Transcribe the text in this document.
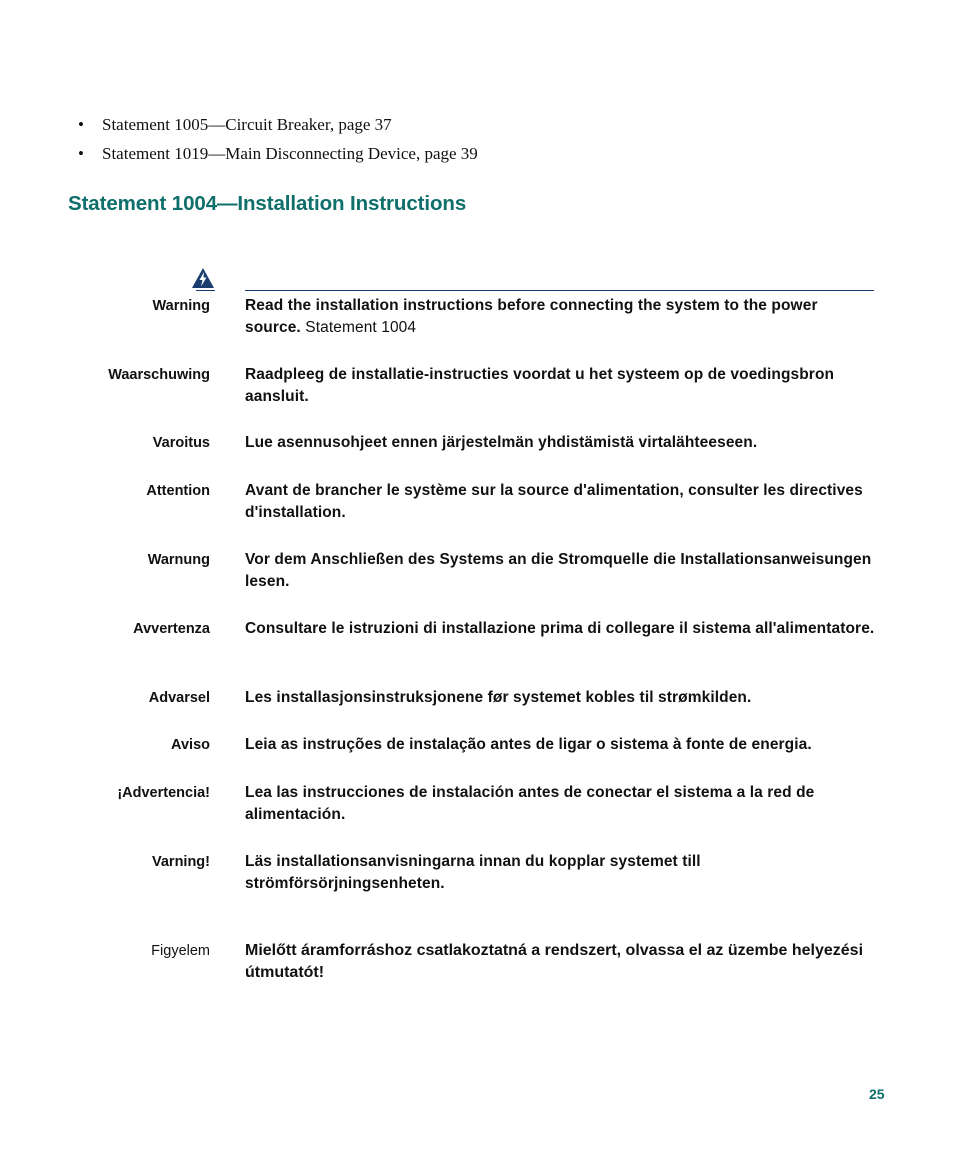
• Statement 1005—Circuit Breaker, page 37
• Statement 1019—Main Disconnecting Device, page 39
Statement 1004—Installation Instructions
Warning Read the installation instructions before connecting the system to the power source. Statement 1004
Waarschuwing Raadpleeg de installatie-instructies voordat u het systeem op de voedingsbron aansluit.
Varoitus Lue asennusohjeet ennen järjestelmän yhdistämistä virtalähteeseen.
Attention Avant de brancher le système sur la source d'alimentation, consulter les directives d'installation.
Warnung Vor dem Anschließen des Systems an die Stromquelle die Installationsanweisungen lesen.
Avvertenza Consultare le istruzioni di installazione prima di collegare il sistema all'alimentatore.
Advarsel Les installasjonsinstruksjonene før systemet kobles til strømkilden.
Aviso Leia as instruções de instalação antes de ligar o sistema à fonte de energia.
¡Advertencia! Lea las instrucciones de instalación antes de conectar el sistema a la red de alimentación.
Varning! Läs installationsanvisningarna innan du kopplar systemet till strömförsörjningsenheten.
Figyelem Mielőtt áramforráshoz csatlakoztatná a rendszert, olvassa el az üzembe helyezési útmutatót!
25
